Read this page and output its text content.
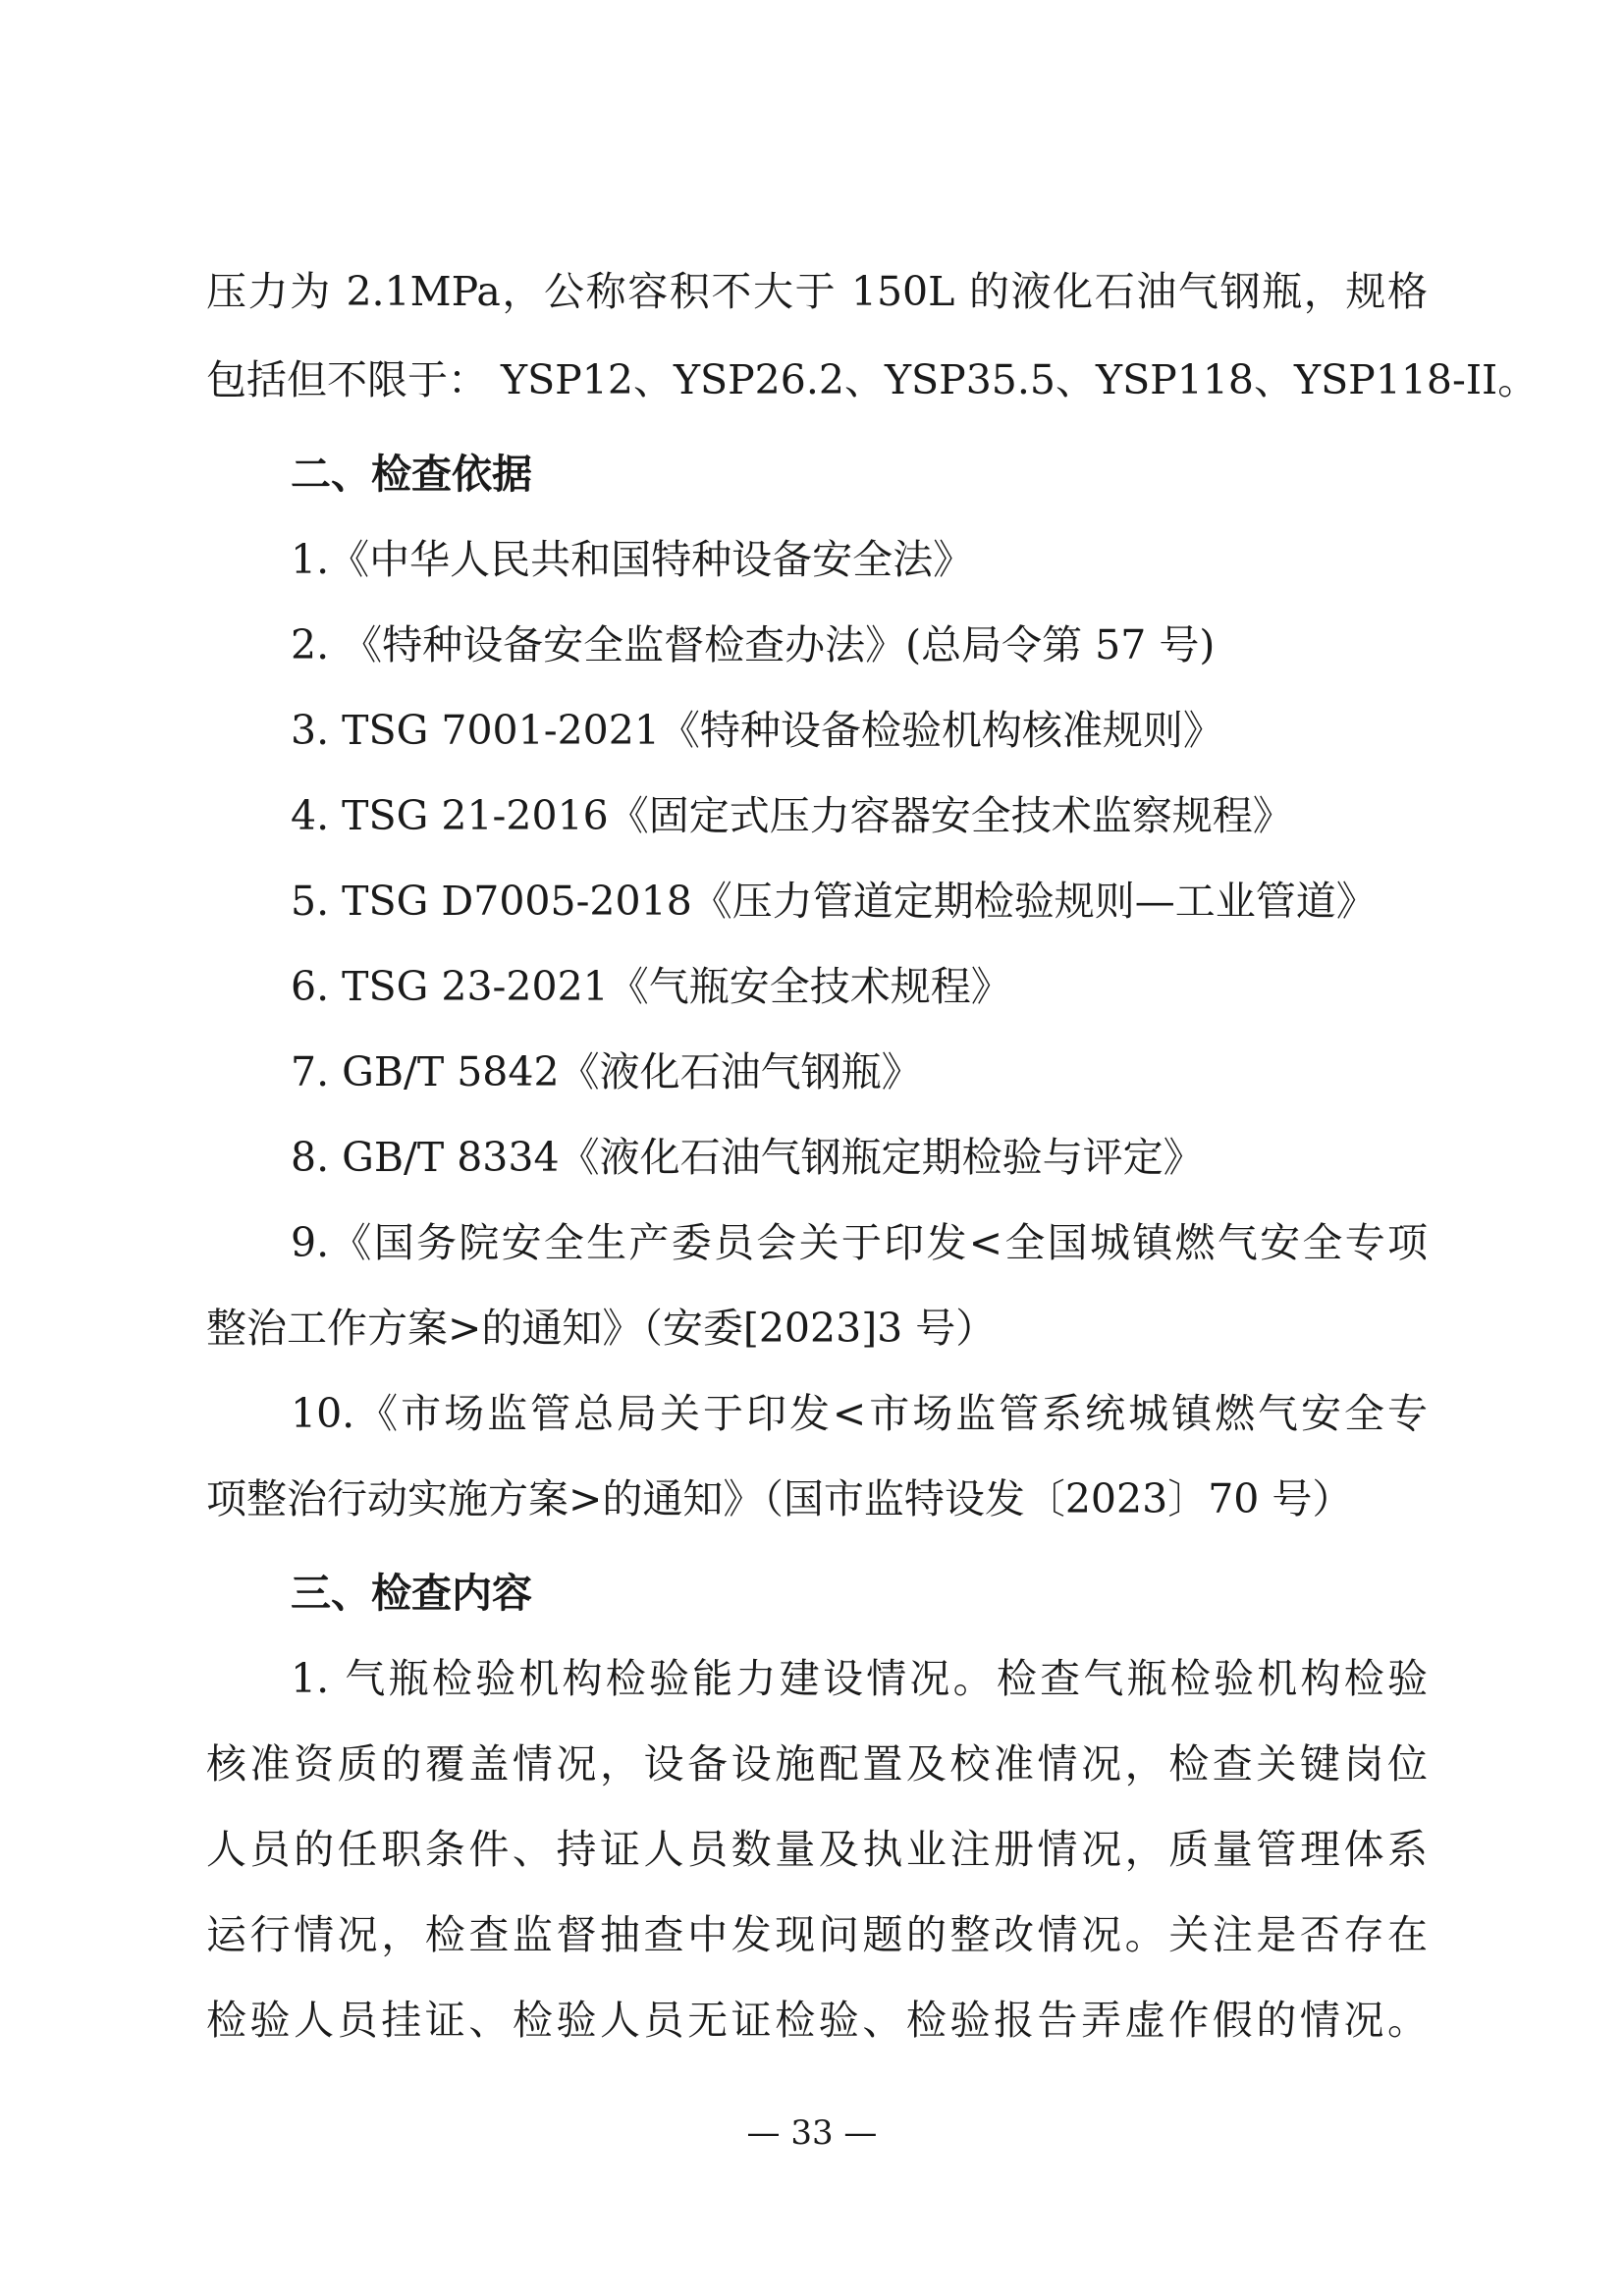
压力为 2.1MPa，公称容积不大于 150L 的液化石油气钢瓶，规格
包括但不限于： YSP12、YSP26.2、YSP35.5、YSP118、YSP118-II。
二、检查依据
1.《中华人民共和国特种设备安全法》
2. 《特种设备安全监督检查办法》(总局令第 57 号)
3. TSG 7001-2021《特种设备检验机构核准规则》
4. TSG 21-2016《固定式压力容器安全技术监察规程》
5. TSG D7005-2018《压力管道定期检验规则—工业管道》
6. TSG 23-2021《气瓶安全技术规程》
7. GB/T 5842《液化石油气钢瓶》
8. GB/T 8334《液化石油气钢瓶定期检验与评定》
9.《国务院安全生产委员会关于印发<全国城镇燃气安全专项
整治工作方案>的通知》（安委[2023]3 号）
10.《市场监管总局关于印发<市场监管系统城镇燃气安全专
项整治行动实施方案>的通知》（国市监特设发〔2023〕70 号）
三、检查内容
1. 气瓶检验机构检验能力建设情况。检查气瓶检验机构检验
核准资质的覆盖情况，设备设施配置及校准情况，检查关键岗位
人员的任职条件、持证人员数量及执业注册情况，质量管理体系
运行情况，检查监督抽查中发现问题的整改情况。关注是否存在
检验人员挂证、检验人员无证检验、检验报告弄虚作假的情况。
— 33 —
